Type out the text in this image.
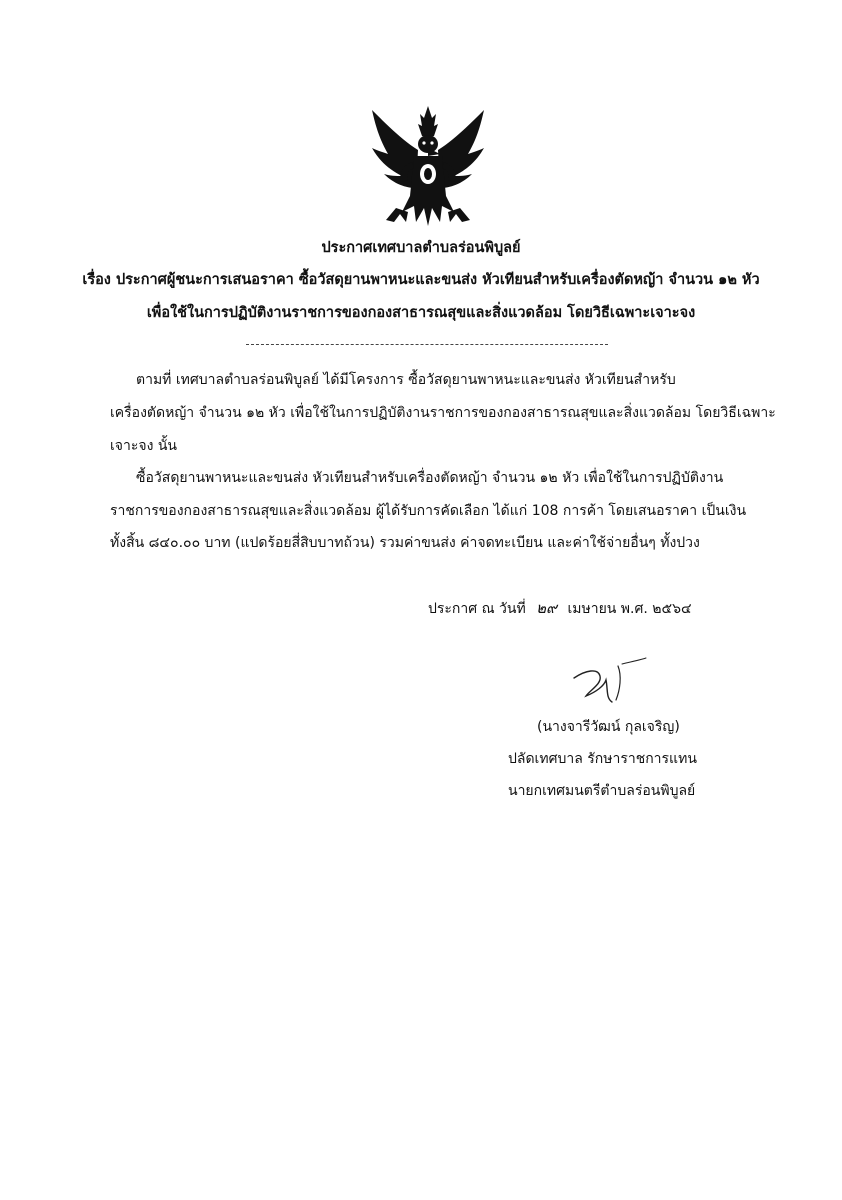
ประกาศเทศบาลตำบลร่อนพิบูลย์
เรื่อง ประกาศผู้ชนะการเสนอราคา ซื้อวัสดุยานพาหนะและขนส่ง หัวเทียนสำหรับเครื่องตัดหญ้า จำนวน ๑๒ หัว
เพื่อใช้ในการปฏิบัติงานราชการของกองสาธารณสุขและสิ่งแวดล้อม โดยวิธีเฉพาะเจาะจง
ตามที่ เทศบาลตำบลร่อนพิบูลย์ ได้มีโครงการ ซื้อวัสดุยานพาหนะและขนส่ง หัวเทียนสำหรับ
เครื่องตัดหญ้า จำนวน ๑๒ หัว เพื่อใช้ในการปฏิบัติงานราชการของกองสาธารณสุขและสิ่งแวดล้อม โดยวิธีเฉพาะ
เจาะจง นั้น
ซื้อวัสดุยานพาหนะและขนส่ง หัวเทียนสำหรับเครื่องตัดหญ้า จำนวน ๑๒ หัว เพื่อใช้ในการปฏิบัติงาน
ราชการของกองสาธารณสุขและสิ่งแวดล้อม ผู้ได้รับการคัดเลือก ได้แก่ 108 การค้า โดยเสนอราคา เป็นเงิน
ทั้งสิ้น ๘๔๐.๐๐ บาท (แปดร้อยสี่สิบบาทถ้วน) รวมค่าขนส่ง ค่าจดทะเบียน และค่าใช้จ่ายอื่นๆ ทั้งปวง
ประกาศ ณ วันที่ ๒๙ เมษายน พ.ศ. ๒๕๖๔
(นางจารีวัฒน์ กุลเจริญ)
ปลัดเทศบาล รักษาราชการแทน
นายกเทศมนตรีตำบลร่อนพิบูลย์
